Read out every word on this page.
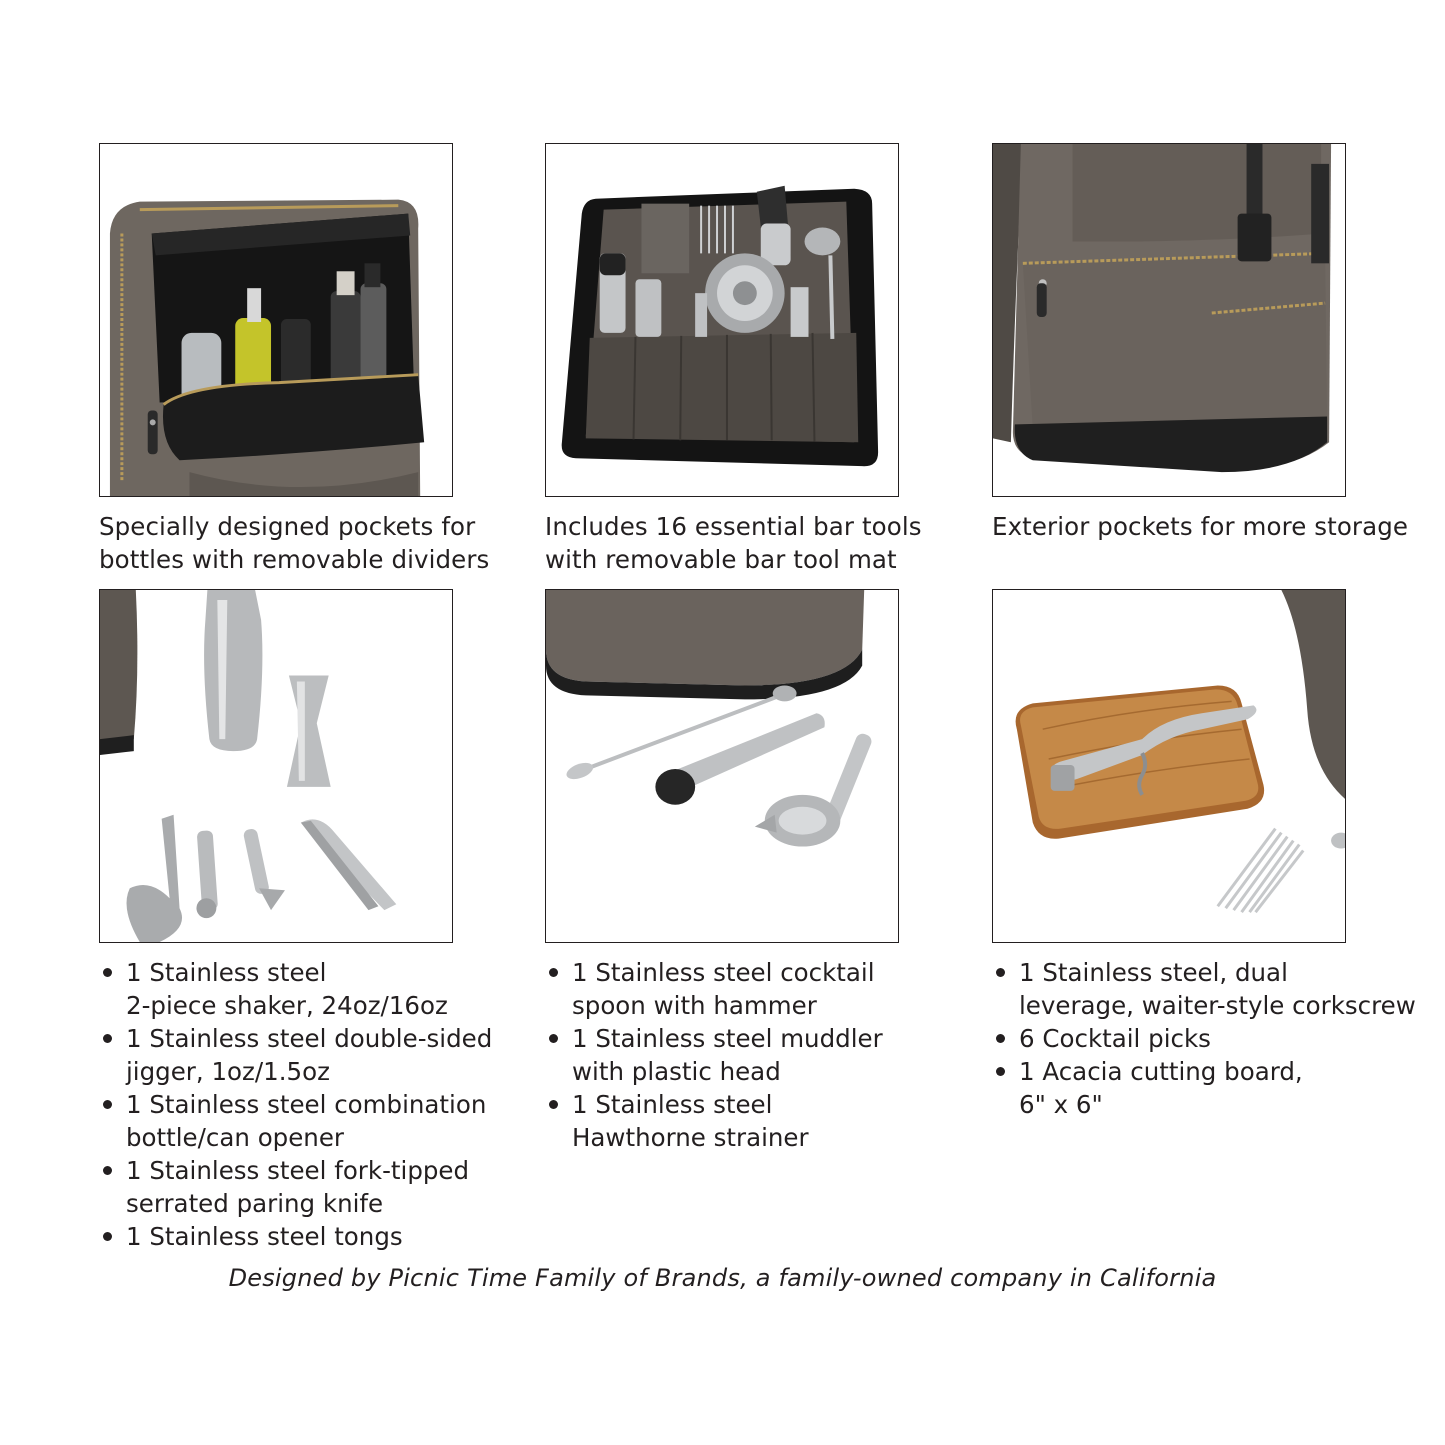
Specially designed pockets for
bottles with removable dividers
Includes 16 essential bar tools
with removable bar tool mat
Exterior pockets for more storage
1 Stainless steel
2-piece shaker, 24oz/16oz
1 Stainless steel double-sided
jigger, 1oz/1.5oz
1 Stainless steel combination
bottle/can opener
1 Stainless steel fork-tipped
serrated paring knife
1 Stainless steel tongs
1 Stainless steel cocktail
spoon with hammer
1 Stainless steel muddler
with plastic head
1 Stainless steel
Hawthorne strainer
1 Stainless steel, dual
leverage, waiter-style corkscrew
6 Cocktail picks
1 Acacia cutting board,
6" x 6"
Designed by Picnic Time Family of Brands, a family-owned company in California
